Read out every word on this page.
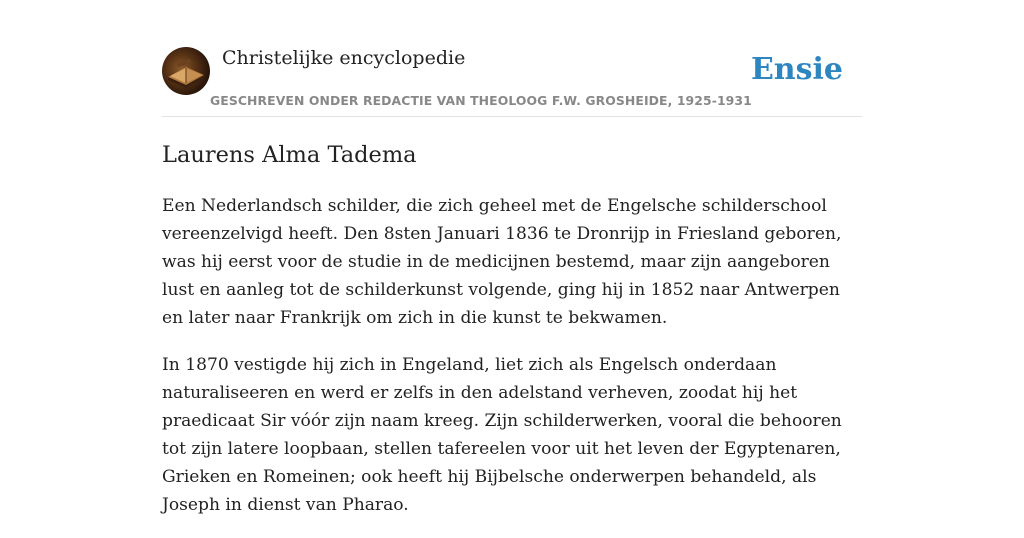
Christelijke encyclopedie
GESCHREVEN ONDER REDACTIE VAN THEOLOOG F.W. GROSHEIDE, 1925-1931
Ensie
Laurens Alma Tadema

Een Nederlandsch schilder, die zich geheel met de Engelsche schilderschool vereenzelvigd heeft. Den 8sten Januari 1836 te Dronrijp in Friesland geboren, was hij eerst voor de studie in de medicijnen bestemd, maar zijn aangeboren lust en aanleg tot de schilderkunst volgende, ging hij in 1852 naar Antwerpen en later naar Frankrijk om zich in die kunst te bekwamen.

In 1870 vestigde hij zich in Engeland, liet zich als Engelsch onderdaan naturaliseeren en werd er zelfs in den adelstand verheven, zoodat hij het praedicaat Sir vóór zijn naam kreeg. Zijn schilderwerken, vooral die behooren tot zijn latere loopbaan, stellen tafereelen voor uit het leven der Egyptenaren, Grieken en Romeinen; ook heeft hij Bijbelsche onderwerpen behandeld, als Joseph in dienst van Pharao.
